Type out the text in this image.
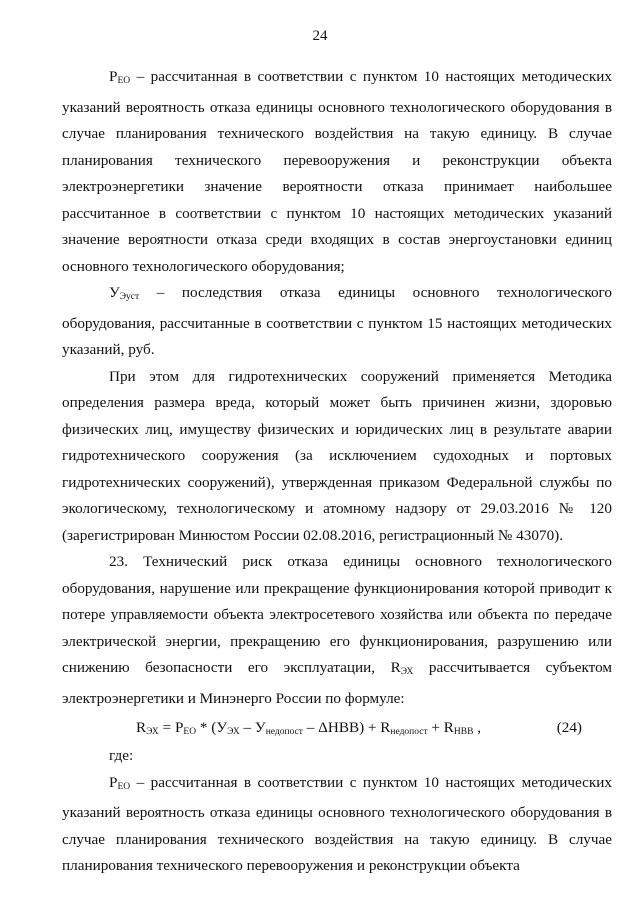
24

$P_{EO}$ – рассчитанная в соответствии с пунктом 10 настоящих методических указаний вероятность отказа единицы основного технологического оборудования в случае планирования технического воздействия на такую единицу. В случае планирования технического перевооружения и реконструкции объекта электроэнергетики значение вероятности отказа принимает наибольшее рассчитанное в соответствии с пунктом 10 настоящих методических указаний значение вероятности отказа среди входящих в состав энергоустановки единиц основного технологического оборудования;

$У_{Эуст}$ – последствия отказа единицы основного технологического оборудования, рассчитанные в соответствии с пунктом 15 настоящих методических указаний, руб.

При этом для гидротехнических сооружений применяется Методика определения размера вреда, который может быть причинен жизни, здоровью физических лиц, имуществу физических и юридических лиц в результате аварии гидротехнического сооружения (за исключением судоходных и портовых гидротехнических сооружений), утвержденная приказом Федеральной службы по экологическому, технологическому и атомному надзору от 29.03.2016 № 120 (зарегистрирован Минюстом России 02.08.2016, регистрационный № 43070).

23. Технический риск отказа единицы основного технологического оборудования, нарушение или прекращение функционирования которой приводит к потере управляемости объекта электросетевого хозяйства или объекта по передаче электрической энергии, прекращению его функционирования, разрушению или снижению безопасности его эксплуатации, $R_{ЭХ}$ рассчитывается субъектом электроэнергетики и Минэнерго России по формуле:

$R_{ЭХ} = P_{EO} * (У_{ЭХ} - У_{недопост} - \Delta НВВ) + R_{недопост} + R_{НВВ}$ ,	(24)

где:

$P_{EO}$ – рассчитанная в соответствии с пунктом 10 настоящих методических указаний вероятность отказа единицы основного технологического оборудования в случае планирования технического воздействия на такую единицу. В случае планирования технического перевооружения и реконструкции объекта
